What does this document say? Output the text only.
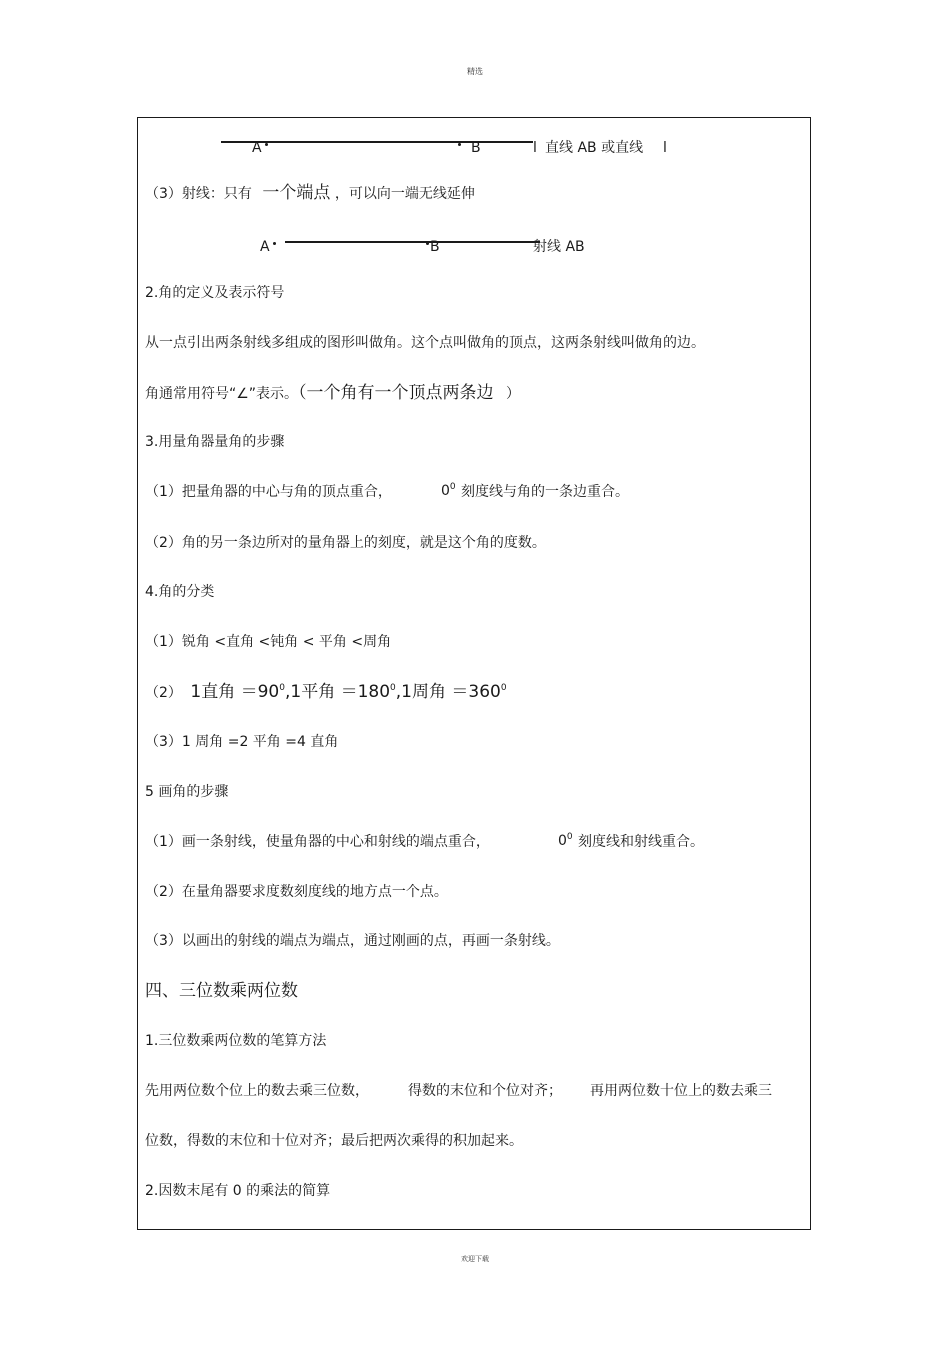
精选
A	B	l 直线 AB 或直线 l
（3）射线：只有 一个端点 ，可以向一端无线延伸
A	B	射线 AB
2.角的定义及表示符号
从一点引出两条射线多组成的图形叫做角。这个点叫做角的顶点，这两条射线叫做角的边。
角通常用符号“∠”表示。（一个角有一个顶点两条边 ）
3.用量角器量角的步骤
（1）把量角器的中心与角的顶点重合，	$0^0$ 刻度线与角的一条边重合。
（2）角的另一条边所对的量角器上的刻度，就是这个角的度数。
4.角的分类
（1）锐角 <直角 <钝角 < 平角 <周角
（2） 1直角 $=90^0,1$平角 $=180^0,1$周角 $=360^0$
（3）1 周角 =2 平角 =4 直角
5 画角的步骤
（1）画一条射线，使量角器的中心和射线的端点重合，	$0^0$ 刻度线和射线重合。
（2）在量角器要求度数刻度线的地方点一个点。
（3）以画出的射线的端点为端点，通过刚画的点，再画一条射线。
四、三位数乘两位数
1.三位数乘两位数的笔算方法
先用两位数个位上的数去乘三位数，	得数的末位和个位对齐； 再用两位数十位上的数去乘三
位数，得数的末位和十位对齐；最后把两次乘得的积加起来。
2.因数末尾有 0 的乘法的简算
欢迎下载
